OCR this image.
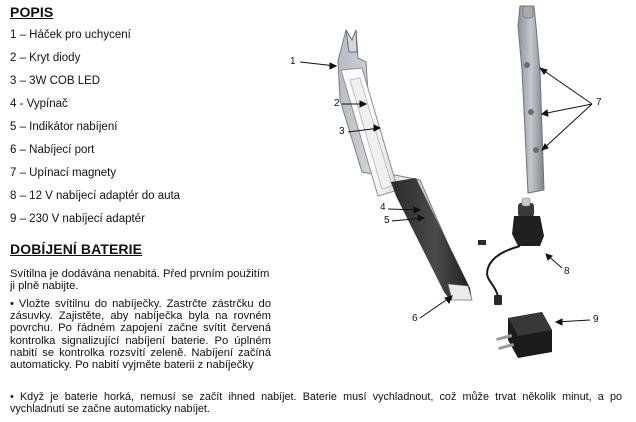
POPIS
1 – Háček pro uchycení
2 – Kryt diody
3 – 3W COB LED
4 - Vypínač
5 – Indikátor nabíjení
6 – Nabíjecí port
7 – Upínací magnety
8 – 12 V nabíjecí adaptér do auta
9 – 230 V nabíjecí adaptér
DOBÍJENÍ BATERIE
Svítilna je dodávána nenabitá. Před prvním použitím
ji plně nabijte.
• Vložte svítilnu do nabíječky. Zastrčte zástrčku do
zásuvky. Zajistěte, aby nabíječka byla na rovném
povrchu. Po řádném zapojení začne svítit červená
kontrolka signalizující nabíjení baterie. Po úplném
nabití se kontrolka rozsvítí zeleně. Nabíjení začíná
automaticky. Po nabití vyjměte baterii z nabíječky
• Když je baterie horká, nemusí se začít ihned nabíjet. Baterie musí vychladnout, což může trvat několik minut, a po
vychladnutí se začne automaticky nabíjet.
1
2
3
4
5
6
7
8
9
